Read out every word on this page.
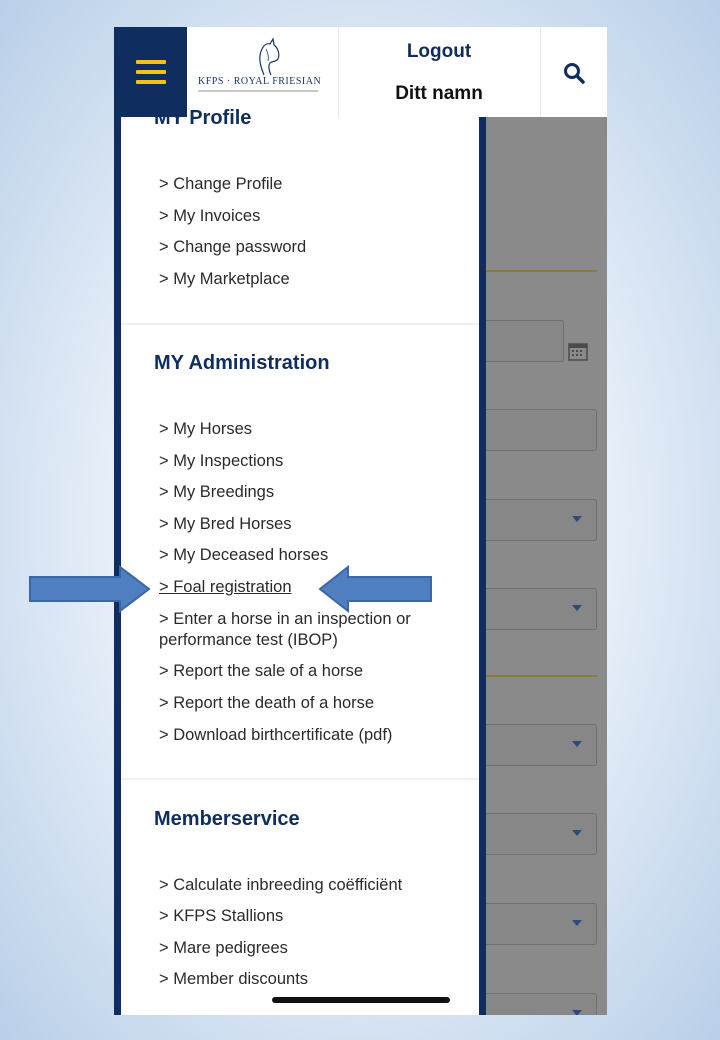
KFPS · ROYAL FRIESIAN
Logout
Ditt namn
MY Profile
> Change Profile
> My Invoices
> Change password
> My Marketplace
MY Administration
> My Horses
> My Inspections
> My Breedings
> My Bred Horses
> My Deceased horses
> Foal registration
> Enter a horse in an inspection or performance test (IBOP)
> Report the sale of a horse
> Report the death of a horse
> Download birthcertificate (pdf)
Memberservice
> Calculate inbreeding coëfficiënt
> KFPS Stallions
> Mare pedigrees
> Member discounts
